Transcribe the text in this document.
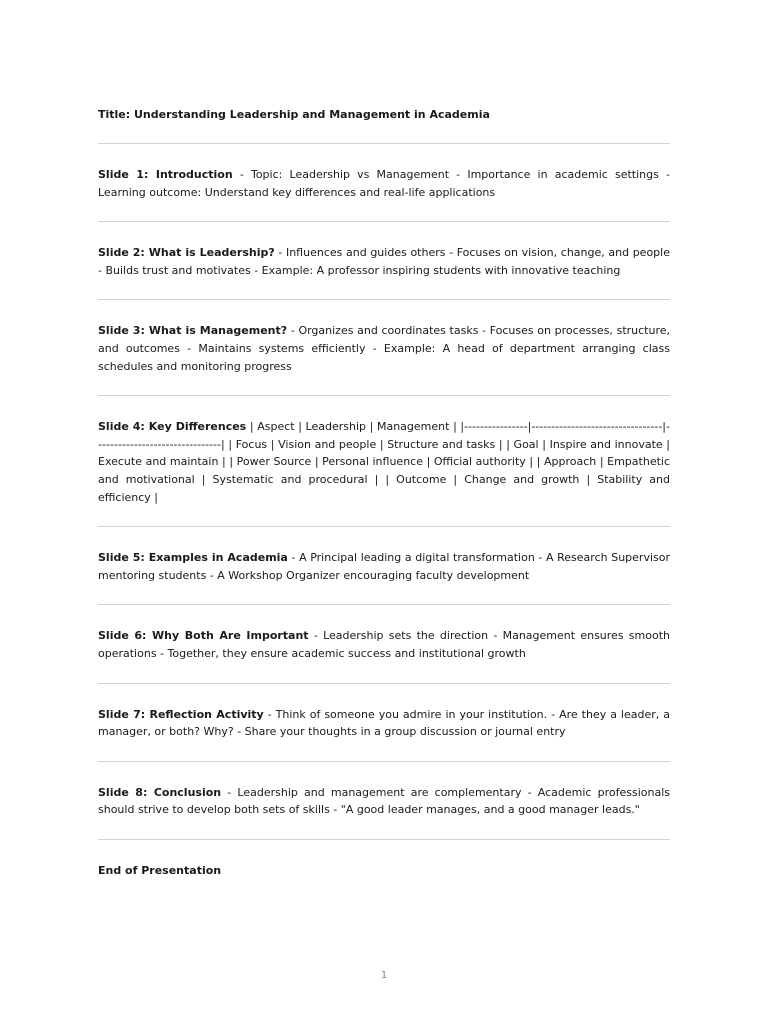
Title: Understanding Leadership and Management in Academia

Slide 1: Introduction - Topic: Leadership vs Management - Importance in academic settings - Learning outcome: Understand key differences and real-life applications

Slide 2: What is Leadership? - Influences and guides others - Focuses on vision, change, and people - Builds trust and motivates - Example: A professor inspiring students with innovative teaching

Slide 3: What is Management? - Organizes and coordinates tasks - Focuses on processes, structure, and outcomes - Maintains systems efficiently - Example: A head of department arranging class schedules and monitoring progress

Slide 4: Key Differences | Aspect | Leadership | Management | |----------------|---------------------------------|--------------------------------| | Focus | Vision and people | Structure and tasks | | Goal | Inspire and innovate | Execute and maintain | | Power Source | Personal influence | Official authority | | Approach | Empathetic and motivational | Systematic and procedural | | Outcome | Change and growth | Stability and efficiency |

Slide 5: Examples in Academia - A Principal leading a digital transformation - A Research Supervisor mentoring students - A Workshop Organizer encouraging faculty development

Slide 6: Why Both Are Important - Leadership sets the direction - Management ensures smooth operations - Together, they ensure academic success and institutional growth

Slide 7: Reflection Activity - Think of someone you admire in your institution. - Are they a leader, a manager, or both? Why? - Share your thoughts in a group discussion or journal entry

Slide 8: Conclusion - Leadership and management are complementary - Academic professionals should strive to develop both sets of skills - "A good leader manages, and a good manager leads."

End of Presentation

1
